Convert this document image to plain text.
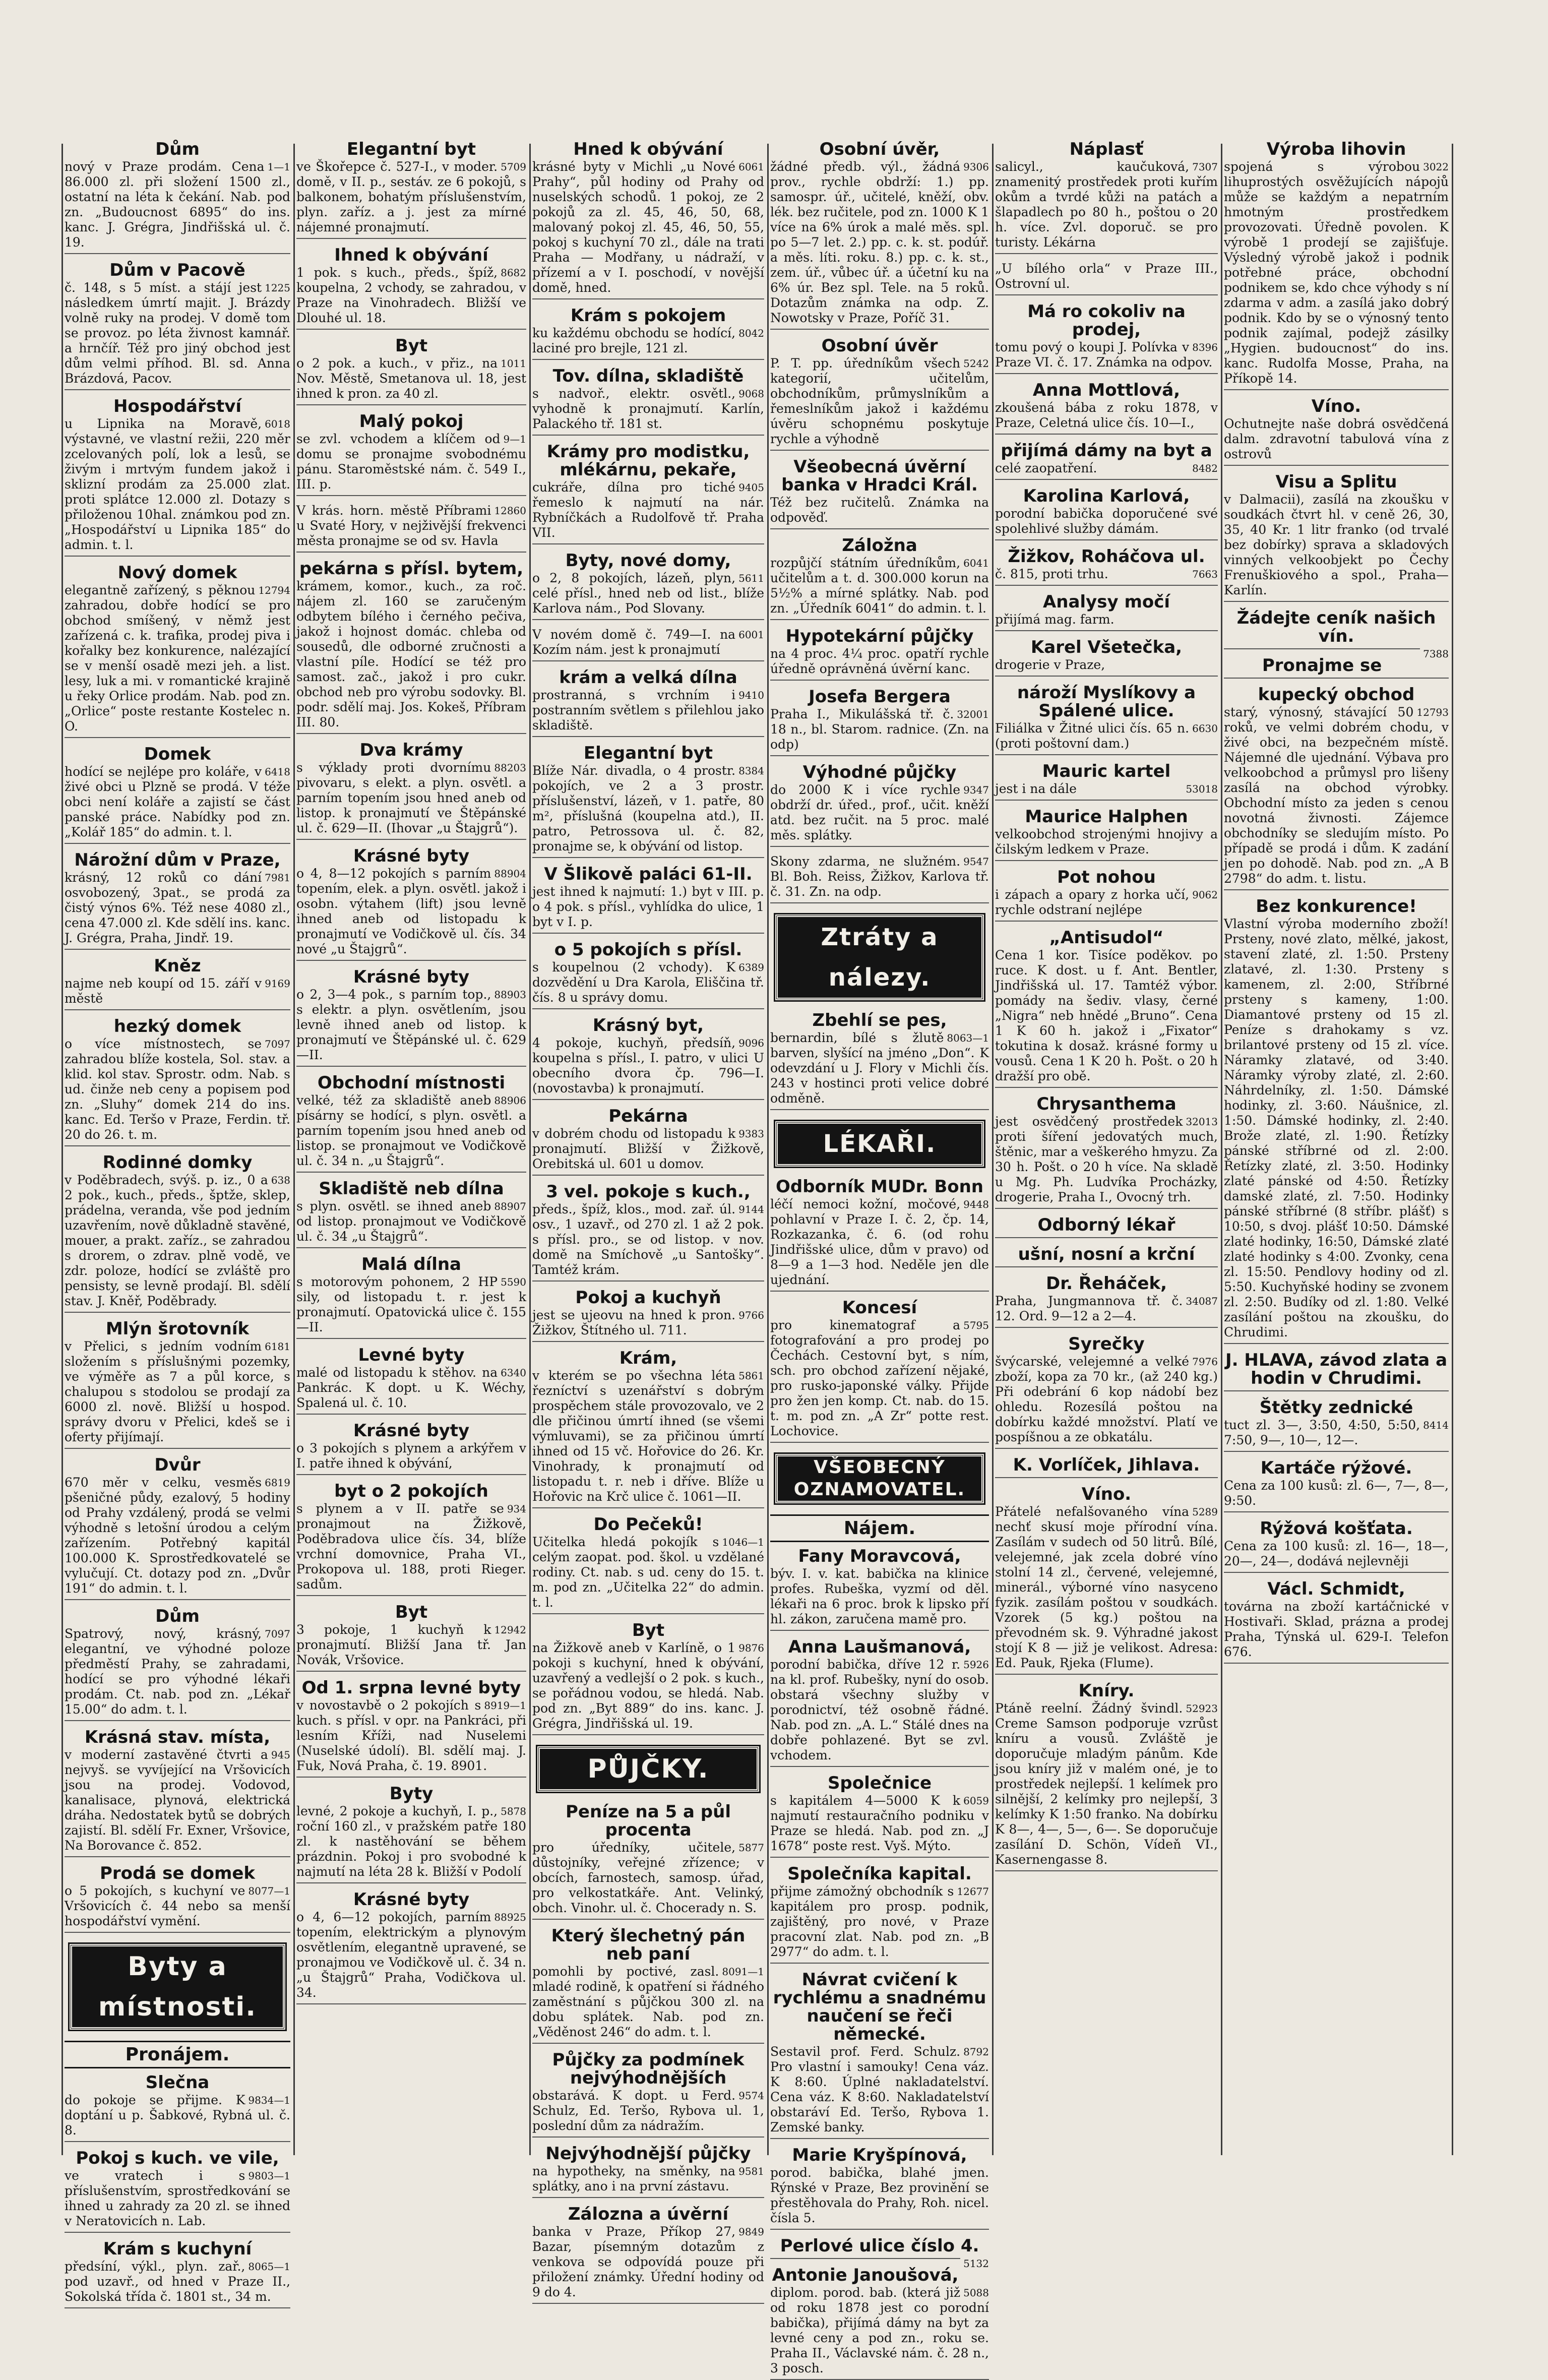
Dům

1—1
nový v Praze prodám. Cena 86.000 zl. při složení 1500 zl., ostatní na léta k čekání. Nab. pod zn. „Budoucnost 6895“ do ins. kanc. J. Grégra, Jindřišská ul. č. 19.

Dům v Pacově

1225
č. 148, s 5 míst. a stájí jest následkem úmrtí majit. J. Brázdy volně ruky na prodej. V domě tom se provoz. po léta živnost kamnář. a hrnčíř. Též pro jiný obchod jest dům velmi příhod. Bl. sd. Anna Brázdová, Pacov.

Hospodářství

6018
u Lipnika na Moravě, výstavné, ve vlastní režii, 220 měr zcelovaných polí, lok a lesů, se živým i mrtvým fundem jakož i sklizní prodám za 25.000 zlat. proti splátce 12.000 zl. Dotazy s přiloženou 10hal. známkou pod zn. „Hospodářství u Lipnika 185“ do admin. t. l.

Nový domek

12794
elegantně zařízený, s pěknou zahradou, dobře hodící se pro obchod smíšený, v němž jest zařízená c. k. trafika, prodej piva i kořalky bez konkurence, nalézající se v menší osadě mezi jeh. a list. lesy, luk a mi. v romantické krajině u řeky Orlice prodám. Nab. pod zn. „Orlice“ poste restante Kostelec n. O.

Domek

6418
hodící se nejlépe pro koláře, v živé obci u Plzně se prodá. V téže obci není koláře a zajistí se část panské práce. Nabídky pod zn. „Kolář 185“ do admin. t. l.

Nárožní dům v Praze,

7981
krásný, 12 roků co dání osvobozený, 3pat., se prodá za čistý výnos 6%. Též nese 4080 zl., cena 47.000 zl. Kde sdělí ins. kanc. J. Grégra, Praha, Jindř. 19.

Kněz

9169
najme neb koupí od 15. září v městě

hezký domek

7097
o více místnostech, se zahradou blíže kostela, Sol. stav. a klid. kol stav. Sprostr. odm. Nab. s ud. činže neb ceny a popisem pod zn. „Sluhy“ domek 214 do ins. kanc. Ed. Teršo v Praze, Ferdin. tř. 20 do 26. t. m.

Rodinné domky

638
v Poděbradech, svýš. p. iz., 0 a 2 pok., kuch., předs., šptže, sklep, prádelna, veranda, vše pod jedním uzavřením, nově důkladně stavěné, mouer, a prakt. zaříz., se zahradou s drorem, o zdrav. plně vodě, ve zdr. poloze, hodící se zvláště pro pensisty, se levně prodají. Bl. sdělí stav. J. Kněř, Poděbrady.

Mlýn šrotovník

6181
v Přelici, s jedním vodním složením s příslušnými pozemky, ve výměře as 7 a půl korce, s chalupou s stodolou se prodají za 6000 zl. nově. Bližší u hospod. správy dvoru v Přelici, kdeš se i oferty přijímají.

Dvůr

6819
670 měr v celku, vesměs pšeničné půdy, ezalový, 5 hodiny od Prahy vzdálený, prodá se velmi výhodně s letošní úrodou a celým zařízením. Potřebný kapitál 100.000 K. Sprostředkovatelé se vylučují. Ct. dotazy pod zn. „Dvůr 191“ do admin. t. l.

Dům

7097
Spatrový, nový, krásný, elegantní, ve výhodné poloze předměstí Prahy, se zahradami, hodící se pro výhodné lékaři prodám. Ct. nab. pod zn. „Lékař 15.00“ do adm. t. l.

Krásná stav. místa,

945
v moderní zastavěné čtvrti a nejvyš. se vyvíjející na Vršovicích jsou na prodej. Vodovod, kanalisace, plynová, elektrická dráha. Nedostatek bytů se dobrých zajistí. Bl. sdělí Fr. Exner, Vršovice, Na Borovance č. 852.

Prodá se domek

8077—1
o 5 pokojích, s kuchyní ve Vršovicích č. 44 nebo sa menší hospodářství vymění.

Byty a místnosti.
Pronájem.
Slečna

9834—1
do pokoje se přijme. K doptání u p. Šabkové, Rybná ul. č. 8.

Pokoj s kuch. ve vile,

9803—1
ve vratech i s příslušenstvím, sprostředkování se ihned u zahrady za 20 zl. se ihned v Neratovicích n. Lab.

Krám s kuchyní

8065—1
předsíní, výkl., plyn. zař., pod uzavř., od hned v Praze II., Sokolská třída č. 1801 st., 34 m.

Elegantní byt

5709
ve Škořepce č. 527-I., v moder. domě, v II. p., sestáv. ze 6 pokojů, s balkonem, bohatým příslušenstvím, plyn. zaříz. a j. jest za mírné nájemné pronajmutí.

Ihned k obývání

8682
1 pok. s kuch., předs., špíž, koupelna, 2 vchody, se zahradou, v Praze na Vinohradech. Bližší ve Dlouhé ul. 18.

Byt

1011
o 2 pok. a kuch., v přiz., na Nov. Městě, Smetanova ul. 18, jest ihned k pron. za 40 zl.

Malý pokoj

9—1
se zvl. vchodem a klíčem od domu se pronajme svobodnému pánu. Staroměstské nám. č. 549 I., III. p.

12860
V krás. horn. městě Příbrami u Svaté Hory, v nejživější frekvenci města pronajme se od sv. Havla

pekárna s přísl. bytem,

krámem, komor., kuch., za roč. nájem zl. 160 se zaručeným odbytem bílého i černého pečiva, jakož i hojnost domác. chleba od sousedů, dle odborné zručnosti a vlastní píle. Hodící se též pro samost. zač., jakož i pro cukr. obchod neb pro výrobu sodovky. Bl. podr. sdělí maj. Jos. Kokeš, Příbram III. 80.

Dva krámy

88203
s výklady proti dvornímu pivovaru, s elekt. a plyn. osvětl. a parním topením jsou hned aneb od listop. k pronajmutí ve Štěpánské ul. č. 629—II. (Ihovar „u Štajgrů“).

Krásné byty

88904
o 4, 8—12 pokojích s parním topením, elek. a plyn. osvětl. jakož i osobn. výtahem (lift) jsou levně ihned aneb od listopadu k pronajmutí ve Vodičkově ul. čís. 34 nové „u Štajgrů“.

Krásné byty

88903
o 2, 3—4 pok., s parním top., s elektr. a plyn. osvětlením, jsou levně ihned aneb od listop. k pronajmutí ve Štěpánské ul. č. 629—II.

Obchodní místnosti

88906
velké, též za skladiště aneb písárny se hodící, s plyn. osvětl. a parním topením jsou hned aneb od listop. se pronajmout ve Vodičkově ul. č. 34 n. „u Štajgrů“.

Skladiště neb dílna

88907
s plyn. osvětl. se ihned aneb od listop. pronajmout ve Vodičkově ul. č. 34 „u Štajgrů“.

Malá dílna

5590
s motorovým pohonem, 2 HP sily, od listopadu t. r. jest k pronajmutí. Opatovická ulice č. 155—II.

Levné byty

6340
malé od listopadu k stěhov. na Pankrác. K dopt. u K. Wéchy, Spalená ul. č. 10.

Krásné byty

o 3 pokojích s plynem a arkýřem v I. patře ihned k obývání,

byt o 2 pokojích

934
s plynem a v II. patře se pronajmout na Žižkově, Poděbradova ulice čís. 34, blíže vrchní domovnice, Praha VI., Prokopova ul. 188, proti Rieger. sadům.

Byt

12942
3 pokoje, 1 kuchyň k pronajmutí. Bližší Jana tř. Jan Novák, Vršovice.

Od 1. srpna levné byty

8919—1
v novostavbě o 2 pokojích s kuch. s přísl. v opr. na Pankráci, při lesním Kříži, nad Nuselemi (Nuselské údolí). Bl. sdělí maj. J. Fuk, Nová Praha, č. 19. 8901.

Byty

5878
levné, 2 pokoje a kuchyň, I. p., roční 160 zl., v pražském patře 180 zl. k nastěhování se během prázdnin. Pokoj i pro svobodné k najmutí na léta 28 k. Bližší v Podolí

Krásné byty

88925
o 4, 6—12 pokojích, parním topením, elektrickým a plynovým osvětlením, elegantně upravené, se pronajmou ve Vodičkově ul. č. 34 n. „u Štajgrů“ Praha, Vodičkova ul. 34.

Hned k obývání

6061
krásné byty v Michli „u Nové Prahy“, půl hodiny od Prahy od nuselských schodů. 1 pokoj, ze 2 pokojů za zl. 45, 46, 50, 68, malovaný pokoj zl. 45, 46, 50, 55, pokoj s kuchyní 70 zl., dále na trati Praha — Modřany, u nádraží, v přízemí a v I. poschodí, v novější domě, hned.

Krám s pokojem

8042
ku každému obchodu se hodící, laciné pro brejle, 121 zl.

Tov. dílna, skladiště

9068
s nadvoř., elektr. osvětl., vyhodně k pronajmutí. Karlín, Palackého tř. 181 st.

Krámy pro modistku, mlékárnu, pekaře,

9405
cukráře, dílna pro tiché řemeslo k najmutí na nár. Rybníčkách a Rudolfově tř. Praha VII.

Byty, nové domy,

5611
o 2, 8 pokojích, lázeň, plyn, celé přísl., hned neb od list., blíže Karlova nám., Pod Slovany.

6001
V novém domě č. 749—I. na Kozím nám. jest k pronajmutí

krám a velká dílna

9410
prostranná, s vrchním i postranním světlem s přilehlou jako skladiště.

Elegantní byt

8384
Blíže Nár. divadla, o 4 prostr. pokojích, ve 2 a 3 prostr. příslušenství, lázeň, v 1. patře, 80 m², příslušná (koupelna atd.), II. patro, Petrossova ul. č. 82, pronajme se, k obývání od listop.

V Šlikově paláci 61-II.

jest ihned k najmutí: 1.) byt v III. p. o 4 pok. s přísl., vyhlídka do ulice, 1 byt v I. p.

o 5 pokojích s přísl.

6389
s koupelnou (2 vchody). K dozvědění u Dra Karola, Eliščina tř. čís. 8 u správy domu.

Krásný byt,

9096
4 pokoje, kuchyň, předsíň, koupelna s přísl., I. patro, v ulici U obecního dvora čp. 796—I. (novostavba) k pronajmutí.

Pekárna

9383
v dobrém chodu od listopadu k pronajmutí. Bližší v Žižkově, Orebitská ul. 601 u domov.

3 vel. pokoje s kuch.,

9144
předs., špíž, klos., mod. zař. úl. osv., 1 uzavř., od 270 zl. 1 až 2 pok. s přísl. pro., se od listop. v nov. domě na Smíchově „u Santošky“. Tamtéž krám.

Pokoj a kuchyň

9766
jest se ujeovu na hned k pron. Žižkov, Štítného ul. 711.

Krám,

5861
v kterém se po všechna léta řezníctví s uzenářství s dobrým prospěchem stále provozovalo, ve 2 dle přičinou úmrtí ihned (se všemi výmluvami), se za přičinou úmrtí ihned od 15 vč. Hořovice do 26. Kr. Vinohrady, k pronajmutí od listopadu t. r. neb i dříve. Blíže u Hořovic na Krč ulice č. 1061—II.

Do Pečeků!

1046—1
Učitelka hledá pokojík s celým zaopat. pod. škol. u vzdělané rodiny. Ct. nab. s ud. ceny do 15. t. m. pod zn. „Učitelka 22“ do admin. t. l.

Byt

9876
na Žižkově aneb v Karlíně, o 1 pokoji s kuchyní, hned k obývání, uzavřený a vedlejší o 2 pok. s kuch., se pořádnou vodou, se hledá. Nab. pod zn. „Byt 889“ do ins. kanc. J. Grégra, Jindřišská ul. 19.

PŮJČKY.
Peníze na 5 a půl procenta

5877
pro úředníky, učitele, důstojníky, veřejné zřízence; v obcích, farnostech, samosp. úřad, pro velkostatkáře. Ant. Velinký, obch. Vinohr. ul. č. Chocerady n. S.

Který šlechetný pán neb paní

8091—1
pomohli by poctivé, zasl. mladé rodině, k opatření si řádného zaměstnání s půjčkou 300 zl. na dobu splátek. Nab. pod zn. „Věděnost 246“ do adm. t. l.

Půjčky za podmínek nejvýhodnějších

9574
obstarává. K dopt. u Ferd. Schulz, Ed. Teršo, Rybova ul. 1, poslední dům za nádražím.

Nejvýhodnější půjčky

9581
na hypotheky, na směnky, na splátky, ano i na první zástavu.

Zálozna a úvěrní

9849
banka v Praze, Příkop 27, Bazar, písemným dotazům z venkova se odpovídá pouze při přiložení známky. Úřední hodiny od 9 do 4.

Osobní úvěr,

9306
žádné předb. výl., žádná prov., rychle obdrží: 1.) pp. samospr. úř., učitelé, kněží, obv. lék. bez ručitele, pod zn. 1000 K 1 více na 6% úrok a malé měs. spl. po 5—7 let. 2.) pp. c. k. st. podúř. a měs. líti. roku. 8.) pp. c. k. st., zem. úř., vůbec úř. a účetní ku na 6% úr. Bez spl. Tele. na 5 roků. Dotazům známka na odp. Z. Nowotsky v Praze, Poříč 31.

Osobní úvěr

5242
P. T. pp. úředníkům všech kategorií, učitelům, obchodníkům, průmyslníkům a řemeslníkům jakož i každému úvěru schopnému poskytuje rychle a výhodně

Všeobecná úvěrní banka v Hradci Král.

Též bez ručitelů. Známka na odpověď.

Záložna

6041
rozpůjčí státním úředníkům, učitelům a t. d. 300.000 korun na 5½% a mírné splátky. Nab. pod zn. „Úředník 6041“ do admin. t. l.

Hypotekární půjčky

na 4 proc. 4¼ proc. opatří rychle úředně oprávněná úvěrní kanc.

Josefa Bergera

32001
Praha I., Mikulášská tř. č. 18 n., bl. Starom. radnice. (Zn. na odp)

Výhodné půjčky

9347
do 2000 K i více rychle obdrží dr. úřed., prof., učit. kněží atd. bez ručit. na 5 proc. malé měs. splátky.

9547
Skony zdarma, ne služném. Bl. Boh. Reiss, Žižkov, Karlova tř. č. 31. Zn. na odp.

Ztráty a nálezy.
Zbehlí se pes,

8063—1
bernardin, bílé s žlutě barven, slyšící na jméno „Don“. K odevzdání u J. Flory v Michli čís. 243 v hostinci proti velice dobré odměně.

LÉKAŘI.
Odborník MUDr. Bonn

9448
léčí nemoci kožní, močové, pohlavní v Praze I. č. 2, čp. 14, Rozkazanka, č. 6. (od rohu Jindřišské ulice, dům v pravo) od 8—9 a 1—3 hod. Neděle jen dle ujednání.

Koncesí

5795
pro kinematograf a fotografování a pro prodej po Čechách. Cestovní byt, s ním, sch. pro obchod zařízení nějaké, pro rusko-japonské války. Přijde pro žen jen komp. Ct. nab. do 15. t. m. pod zn. „A Zr“ potte rest. Lochovice.

VŠEOBECNÝ OZNAMOVATEL.
Nájem.
Fany Moravcová,

býv. I. v. kat. babička na klinice profes. Rubeška, vyzmí od děl. lékaři na 6 proc. brok k lipsko pří hl. zákon, zaručena mamě pro.

Anna Laušmanová,

5926
porodní babička, dříve 12 r. na kl. prof. Rubešky, nyní do osob. obstará všechny služby v porodnictví, též osobně řádné. Nab. pod zn. „A. L.“ Stálé dnes na dobře pohlazené. Byt se zvl. vchodem.

Společnice

6059
s kapitálem 4—5000 K k najmutí restauračního podniku v Praze se hledá. Nab. pod zn. „J 1678“ poste rest. Vyš. Mýto.

Společníka kapital.

12677
přijme zámožný obchodník s kapitálem pro prosp. podnik, zajištěný, pro nové, v Praze pracovní zlat. Nab. pod zn. „B 2977“ do adm. t. l.

Návrat cvičení k rychlému a snadnému naučení se řeči německé.

8792
Sestavil prof. Ferd. Schulz. Pro vlastní i samouky! Cena váz. K 8:60. Úplné nakladatelství. Cena váz. K 8:60. Nakladatelství obstaráví Ed. Teršo, Rybova 1. Zemské banky.

Marie Kryšpínová,

porod. babička, blahé jmen. Rýnské v Praze, Bez provinění se přestěhovala do Prahy, Roh. nicel. čísla 5.

Perlové ulice číslo 4.

5132

Antonie Janoušová,

5088
diplom. porod. bab. (která již od roku 1878 jest co porodní babička), přijímá dámy na byt za levné ceny a pod zn., roku se. Praha II., Václavské nám. č. 28 n., 3 posch.

Náplasť

7307
salicyl., kaučuková, znamenitý prostředek proti kuřím okům a tvrdé kůži na patách a šlapadlech po 80 h., poštou o 20 h. více. Zvl. doporuč. se pro turisty. Lékárna

„U bílého orla“ v Praze III., Ostrovní ul.

Má ro cokoliv na prodej,

8396
tomu pový o koupi J. Polívka v Praze VI. č. 17. Známka na odpov.

Anna Mottlová,

zkoušená bába z roku 1878, v Praze, Celetná ulice čís. 10—I.,

přijímá dámy na byt a

8482
celé zaopatření.

Karolina Karlová,

porodní babička doporučené své spolehlivé služby dámám.

Žižkov, Roháčova ul.

7663
č. 815, proti trhu.

Analysy močí

přijímá mag. farm.

Karel Všetečka,

drogerie v Praze,

nároží Myslíkovy a Spálené ulice.

6630
Filiálka v Žitné ulici čís. 65 n. (proti poštovní dam.)

Mauric kartel

53018
jest i na dále

Maurice Halphen

velkoobchod strojenými hnojivy a čilským ledkem v Praze.

Pot nohou

9062
i zápach a opary z horka učí, rychle odstraní nejlépe

„Antisudol“

Cena 1 kor. Tisíce poděkov. po ruce. K dost. u f. Ant. Bentler, Jindřišská ul. 17. Tamtéž výbor. pomády na šediv. vlasy, černé „Nigra“ neb hnědé „Bruno“. Cena 1 K 60 h. jakož i „Fixator“ tokutina k dosaž. krásné formy u vousů. Cena 1 K 20 h. Pošt. o 20 h dražší pro obě.

Chrysanthema

32013
jest osvědčený prostředek proti šíření jedovatých much, štěnic, mar a veškerého hmyzu. Za 30 h. Pošt. o 20 h více. Na skladě u Mg. Ph. Ludvíka Procházky, drogerie, Praha I., Ovocný trh.

Odborný lékař

ušní, nosní a krční

Dr. Řeháček,

34087
Praha, Jungmannova tř. č. 12. Ord. 9—12 a 2—4.

Syrečky

7976
švýcarské, velejemné a velké zboží, kopa za 70 kr., (až 240 kg.) Při odebrání 6 kop nádobí bez ohledu. Rozesílá poštou na dobírku každé množství. Platí ve pospíšnou a ze obkatálu.

K. Vorlíček, Jihlava.

Víno.

5289
Přátelé nefalšovaného vína nechť skusí moje přírodní vína. Zasílám v sudech od 50 litrů. Bílé, velejemné, jak zcela dobré víno stolní 14 zl., červené, velejemné, minerál., výborné víno nasyceno fyzik. zasílám poštou v soudkách. Vzorek (5 kg.) poštou na převodném sk. 9. Výhradné jakost stojí K 8 — již je velikost. Adresa: Ed. Pauk, Rjeka (Flume).

Kníry.

52923
Ptáně reelní. Žádný švindl. Creme Samson podporuje vzrůst kníru a vousů. Zvláště je doporučuje mladým pánům. Kde jsou kníry již v malém oné, je to prostředek nejlepší. 1 kelímek pro silnější, 2 kelímky pro nejlepší, 3 kelímky K 1:50 franko. Na dobírku K 8—, 4—, 5—, 6—. Se doporučuje zasílání D. Schön, Vídeň VI., Kasernengasse 8.

Výroba lihovin

3022
spojená s výrobou lihuprostých osvěžujících nápojů může se každým a nepatrním hmotným prostředkem provozovati. Úředně povolen. K výrobě 1 prodejí se zajišťuje. Výsledný výrobě jakož i podnik potřebné práce, obchodní podnikem se, kdo chce výhody s ní zdarma v adm. a zasílá jako dobrý podnik. Kdo by se o výnosný tento podnik zajímal, podejž zásilky „Hygien. budoucnost“ do ins. kanc. Rudolfa Mosse, Praha, na Příkopě 14.

Víno.

Ochutnejte naše dobrá osvědčená dalm. zdravotní tabulová vína z ostrovů

Visu a Splitu

v Dalmacii), zasílá na zkoušku v soudkách čtvrt hl. v ceně 26, 30, 35, 40 Kr. 1 litr franko (od trvalé bez dobírky) sprava a skladových vinných velkoobjekt po Čechy Frenuškiového a spol., Praha—Karlín.

Žádejte ceník našich vín.

7388

Pronajme se

kupecký obchod

12793
starý, výnosný, stávající 50 roků, ve velmi dobrém chodu, v živé obci, na bezpečném místě. Nájemné dle ujednání. Výbava pro velkoobchod a průmysl pro lišeny zasílá na obchod výrobky. Obchodní místo za jeden s cenou novotná živnosti. Zájemce obchodníky se sledujím místo. Po případě se prodá i dům. K zadání jen po dohodě. Nab. pod zn. „A B 2798“ do adm. t. listu.

Bez konkurence!

Vlastní výroba moderního zboží! Prsteny, nové zlato, mělké, jakost, stavení zlaté, zl. 1:50. Prsteny zlatavé, zl. 1:30. Prsteny s kamenem, zl. 2:00, Stříbrné prsteny s kameny, 1:00. Diamantové prsteny od 15 zl. Peníze s drahokamy s vz. brilantové prsteny od 15 zl. více. Náramky zlatavé, od 3:40. Náramky výroby zlaté, zl. 2:60. Náhrdelníky, zl. 1:50. Dámské hodinky, zl. 3:60. Náušnice, zl. 1:50. Dámské hodinky, zl. 2:40. Brože zlaté, zl. 1:90. Řetízky pánské stříbrné od zl. 2:00. Řetízky zlaté, zl. 3:50. Hodinky zlaté pánské od 4:50. Řetízky damské zlaté, zl. 7:50. Hodinky pánské stříbrné (8 stříbr. plášť) s 10:50, s dvoj. plášť 10:50. Dámské zlaté hodinky, 16:50, Dámské zlaté zlaté hodinky s 4:00. Zvonky, cena zl. 15:50. Pendlovy hodiny od zl. 5:50. Kuchyňské hodiny se zvonem zl. 2:50. Budíky od zl. 1:80. Velké zasílání poštou na zkoušku, do Chrudimi.

J. HLAVA, závod zlata a hodin v Chrudimi.

Štětky zednické

8414
tuct zl. 3—, 3:50, 4:50, 5:50, 7:50, 9—, 10—, 12—.

Kartáče rýžové.

Cena za 100 kusů: zl. 6—, 7—, 8—, 9:50.

Rýžová košťata.

Cena za 100 kusů: zl. 16—, 18—, 20—, 24—, dodává nejlevněji

Václ. Schmidt,

továrna na zboží kartáčnické v Hostivaři. Sklad, prázna a prodej Praha, Týnská ul. 629-I. Telefon 676.
